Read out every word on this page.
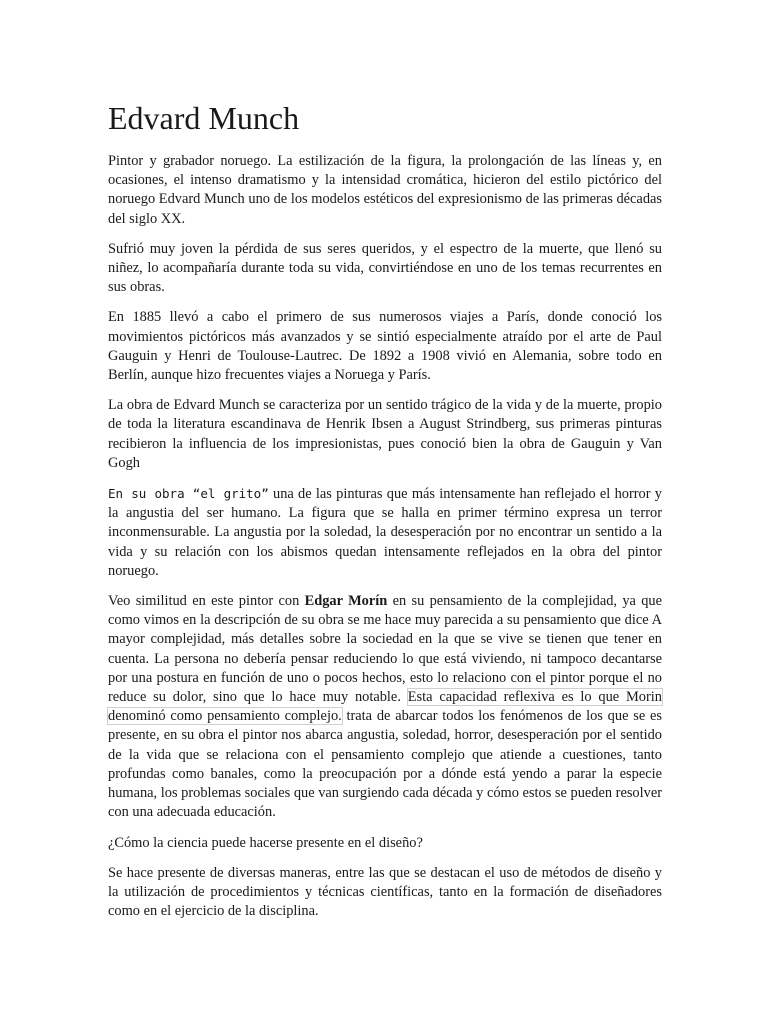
Edvard Munch

Pintor y grabador noruego. La estilización de la figura, la prolongación de las líneas y, en ocasiones, el intenso dramatismo y la intensidad cromática, hicieron del estilo pictórico del noruego Edvard Munch uno de los modelos estéticos del expresionismo de las primeras décadas del siglo XX.

Sufrió muy joven la pérdida de sus seres queridos, y el espectro de la muerte, que llenó su niñez, lo acompañaría durante toda su vida, convirtiéndose en uno de los temas recurrentes en sus obras.

En 1885 llevó a cabo el primero de sus numerosos viajes a París, donde conoció los movimientos pictóricos más avanzados y se sintió especialmente atraído por el arte de Paul Gauguin y Henri de Toulouse-Lautrec. De 1892 a 1908 vivió en Alemania, sobre todo en Berlín, aunque hizo frecuentes viajes a Noruega y París.

La obra de Edvard Munch se caracteriza por un sentido trágico de la vida y de la muerte, propio de toda la literatura escandinava de Henrik Ibsen a August Strindberg, sus primeras pinturas recibieron la influencia de los impresionistas, pues conoció bien la obra de Gauguin y Van Gogh

En su obra “el grito” una de las pinturas que más intensamente han reflejado el horror y la angustia del ser humano. La figura que se halla en primer término expresa un terror inconmensurable. La angustia por la soledad, la desesperación por no encontrar un sentido a la vida y su relación con los abismos quedan intensamente reflejados en la obra del pintor noruego.

Veo similitud en este pintor con Edgar Morín en su pensamiento de la complejidad, ya que como vimos en la descripción de su obra se me hace muy parecida a su pensamiento que dice A mayor complejidad, más detalles sobre la sociedad en la que se vive se tienen que tener en cuenta. La persona no debería pensar reduciendo lo que está viviendo, ni tampoco decantarse por una postura en función de uno o pocos hechos, esto lo relaciono con el pintor porque el no reduce su dolor, sino que lo hace muy notable. Esta capacidad reflexiva es lo que Morin denominó como pensamiento complejo. trata de abarcar todos los fenómenos de los que se es presente, en su obra el pintor nos abarca angustia, soledad, horror, desesperación por el sentido de la vida que se relaciona con el pensamiento complejo que atiende a cuestiones, tanto profundas como banales, como la preocupación por a dónde está yendo a parar la especie humana, los problemas sociales que van surgiendo cada década y cómo estos se pueden resolver con una adecuada educación.

¿Cómo la ciencia puede hacerse presente en el diseño?

Se hace presente de diversas maneras, entre las que se destacan el uso de métodos de diseño y la utilización de procedimientos y técnicas científicas, tanto en la formación de diseñadores como en el ejercicio de la disciplina.
